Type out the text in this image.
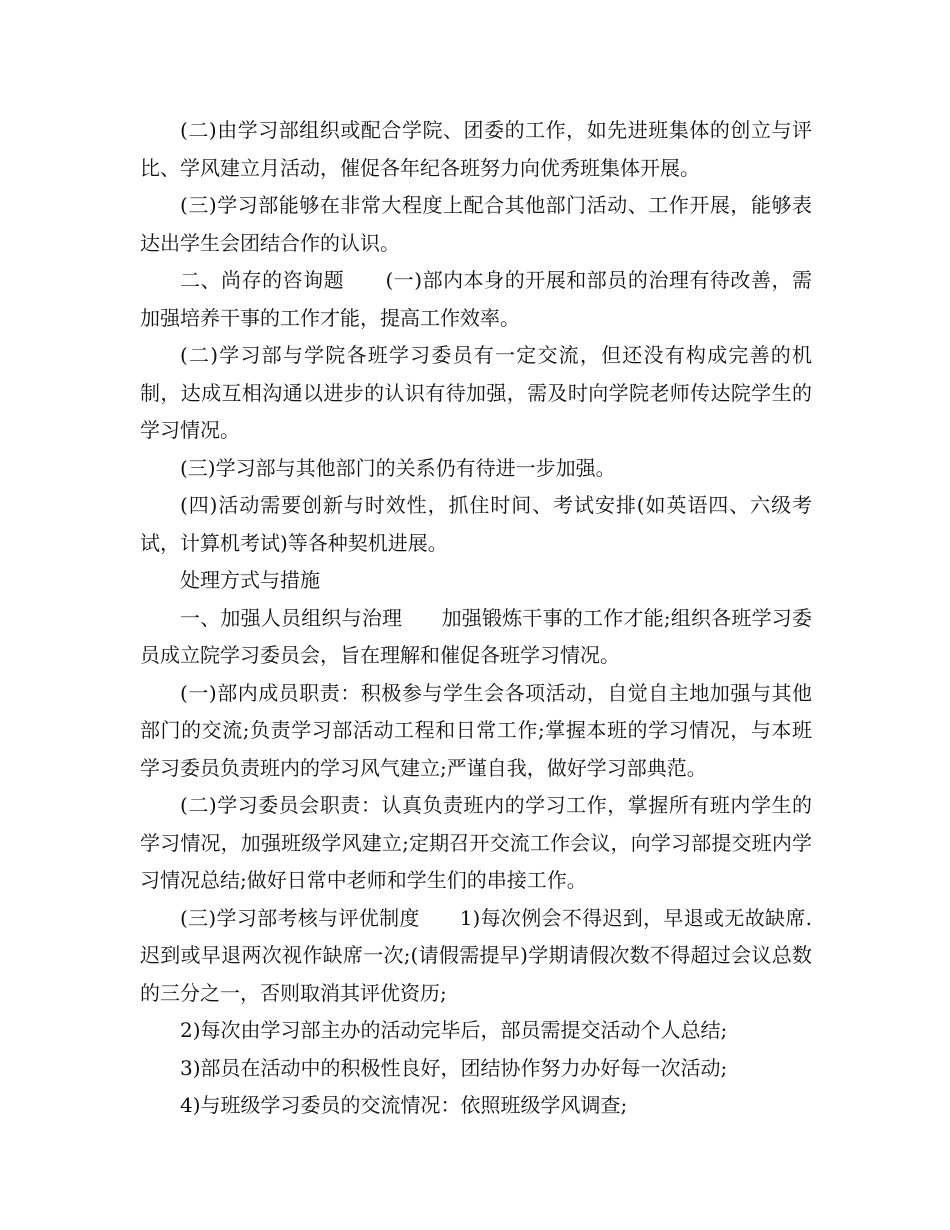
(二)由学习部组织或配合学院、团委的工作，如先进班集体的创立与评比、学风建立月活动，催促各年纪各班努力向优秀班集体开展。

(三)学习部能够在非常大程度上配合其他部门活动、工作开展，能够表达出学生会团结合作的认识。

二、尚存的咨询题      (一)部内本身的开展和部员的治理有待改善，需加强培养干事的工作才能，提高工作效率。

(二)学习部与学院各班学习委员有一定交流，但还没有构成完善的机制，达成互相沟通以进步的认识有待加强，需及时向学院老师传达院学生的学习情况。

(三)学习部与其他部门的关系仍有待进一步加强。

(四)活动需要创新与时效性，抓住时间、考试安排(如英语四、六级考试，计算机考试)等各种契机进展。

处理方式与措施

一、加强人员组织与治理      加强锻炼干事的工作才能;组织各班学习委员成立院学习委员会，旨在理解和催促各班学习情况。

(一)部内成员职责：积极参与学生会各项活动，自觉自主地加强与其他部门的交流;负责学习部活动工程和日常工作;掌握本班的学习情况，与本班学习委员负责班内的学习风气建立;严谨自我，做好学习部典范。

(二)学习委员会职责：认真负责班内的学习工作，掌握所有班内学生的学习情况，加强班级学风建立;定期召开交流工作会议，向学习部提交班内学习情况总结;做好日常中老师和学生们的串接工作。

(三)学习部考核与评优制度      1)每次例会不得迟到，早退或无故缺席.迟到或早退两次视作缺席一次;(请假需提早)学期请假次数不得超过会议总数的三分之一，否则取消其评优资历;

2)每次由学习部主办的活动完毕后，部员需提交活动个人总结;

3)部员在活动中的积极性良好，团结协作努力办好每一次活动;

4)与班级学习委员的交流情况：依照班级学风调查;
